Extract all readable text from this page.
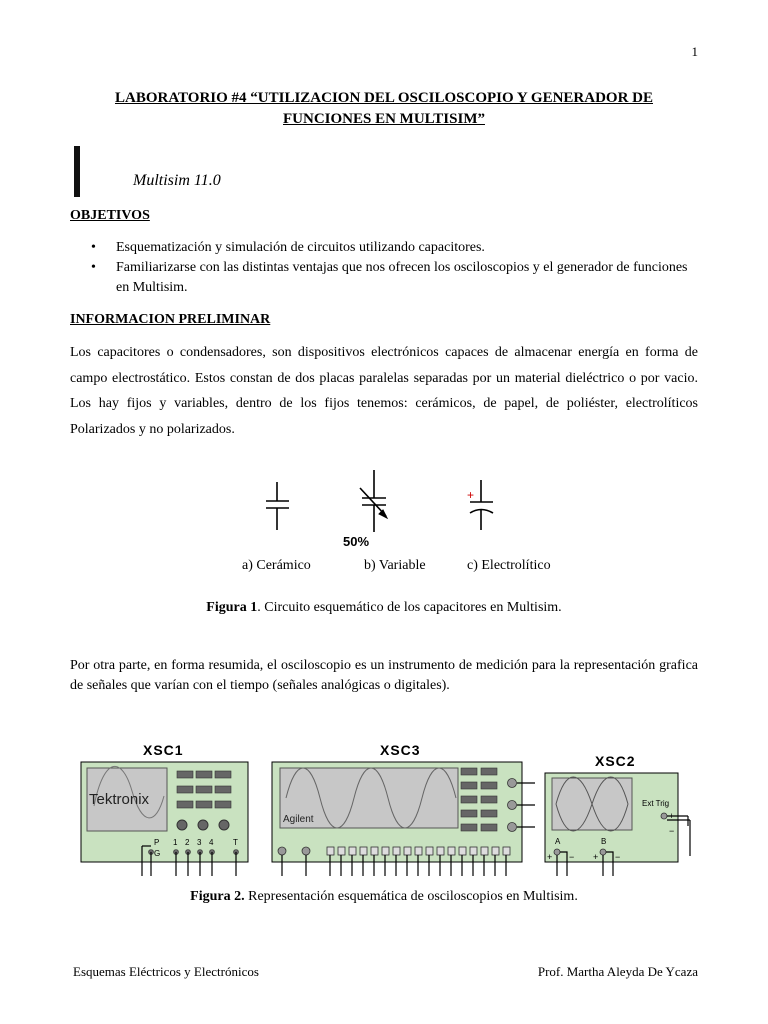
1
LABORATORIO #4 “UTILIZACION DEL OSCILOSCOPIO Y GENERADOR DE FUNCIONES EN MULTISIM”
Multisim 11.0
OBJETIVOS
• Esquematización y simulación de circuitos utilizando capacitores.
• Familiarizarse con las distintas ventajas que nos ofrecen los osciloscopios y el generador de funciones en Multisim.
INFORMACION PRELIMINAR
Los capacitores o condensadores, son dispositivos electrónicos capaces de almacenar energía en forma de campo electrostático. Estos constan de dos placas paralelas separadas por un material dieléctrico o por vacio. Los hay fijos y variables, dentro de los fijos tenemos: cerámicos, de papel, de poliéster, electrolíticos Polarizados y no polarizados.
50%
+
a) Cerámico	b) Variable	c) Electrolítico
Figura 1. Circuito esquemático de los capacitores en Multisim.
Por otra parte, en forma resumida, el osciloscopio es un instrumento de medición para la representación grafica de señales que varían con el tiempo (señales analógicas o digitales).
XSC1
Tektronix
P
G
1 2 3 4 T
XSC3
Agilent
XSC2
Ext Trig
+
−
A	B
+ − + −
Figura 2. Representación esquemática de osciloscopios en Multisim.
Esquemas Eléctricos y Electrónicos	Prof. Martha Aleyda De Ycaza
